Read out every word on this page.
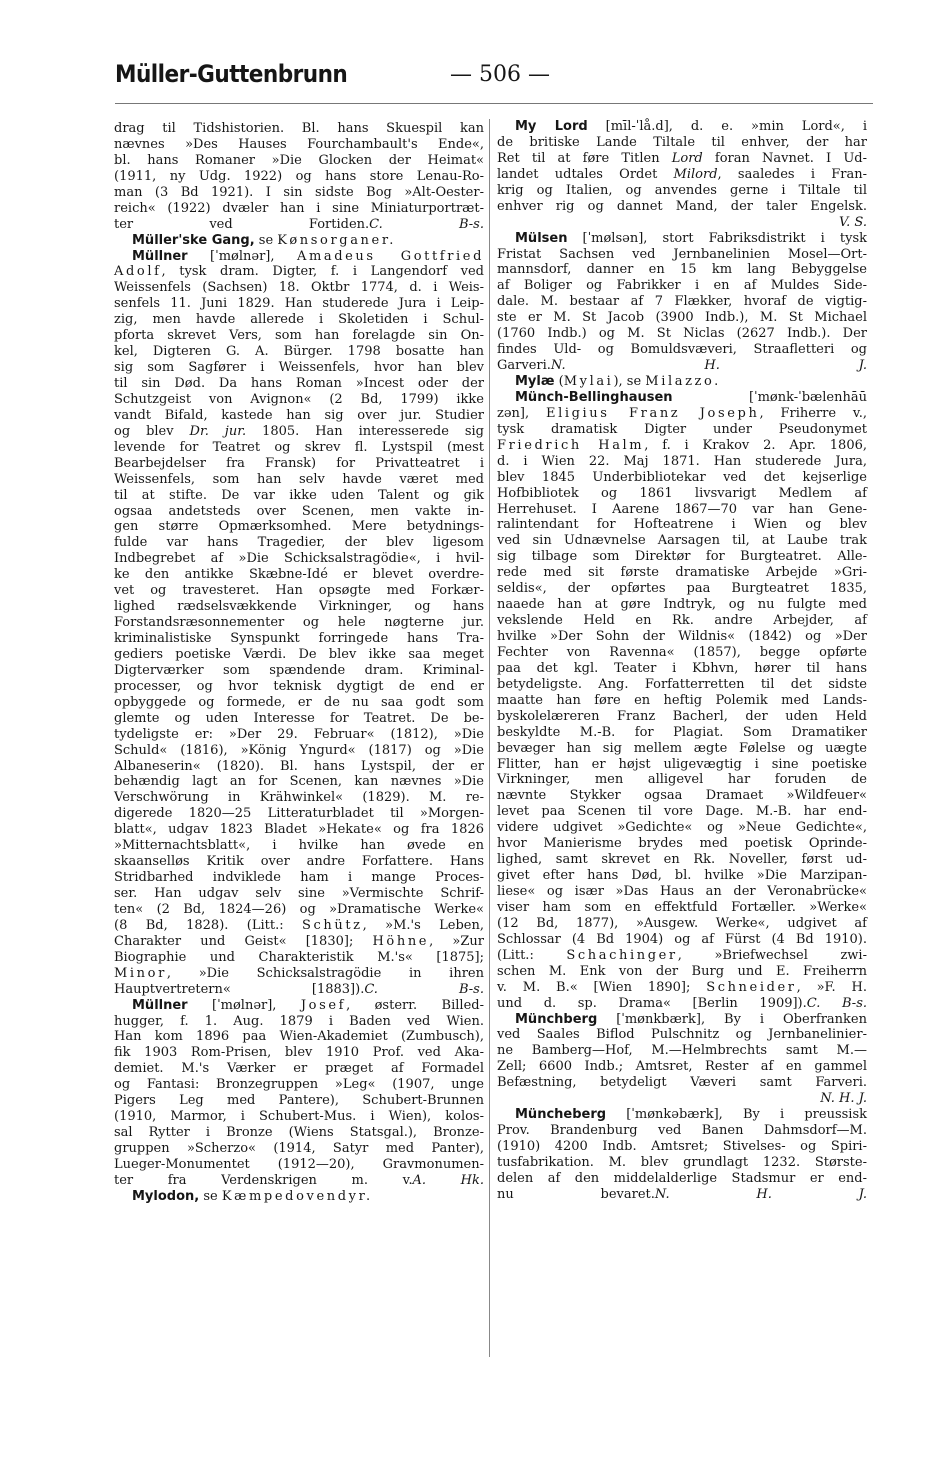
Müller-Guttenbrunn	— 506 —
drag til Tidshistorien. Bl. hans Skuespil kan
nævnes »Des Hauses Fourchambault's Ende«,
bl. hans Romaner »Die Glocken der Heimat«
(1911, ny Udg. 1922) og hans store Lenau-Ro-
man (3 Bd 1921). I sin sidste Bog »Alt-Oester-
reich« (1922) dvæler han i sine Miniaturportræt-
ter ved Fortiden.C. B-s.
Müller'ske Gang, se Kønsorganer.
Müllner [ˈmølnər], Amadeus Gottfried
Adolf, tysk dram. Digter, f. i Langendorf ved
Weissenfels (Sachsen) 18. Oktbr 1774, d. i Weis-
senfels 11. Juni 1829. Han studerede Jura i Leip-
zig, men havde allerede i Skoletiden i Schul-
pforta skrevet Vers, som han forelagde sin On-
kel, Digteren G. A. Bürger. 1798 bosatte han
sig som Sagfører i Weissenfels, hvor han blev
til sin Død. Da hans Roman »Incest oder der
Schutzgeist von Avignon« (2 Bd, 1799) ikke
vandt Bifald, kastede han sig over jur. Studier
og blev Dr. jur. 1805. Han interesserede sig
levende for Teatret og skrev fl. Lystspil (mest
Bearbejdelser fra Fransk) for Privatteatret i
Weissenfels, som han selv havde været med
til at stifte. De var ikke uden Talent og gik
ogsaa andetsteds over Scenen, men vakte in-
gen større Opmærksomhed. Mere betydnings-
fulde var hans Tragedier, der blev ligesom
Indbegrebet af »Die Schicksalstragödie«, i hvil-
ke den antikke Skæbne-Idé er blevet overdre-
vet og travesteret. Han opsøgte med Forkær-
lighed rædselsvækkende Virkninger, og hans
Forstandsræsonnementer og hele nøgterne jur.
kriminalistiske Synspunkt forringede hans Tra-
gediers poetiske Værdi. De blev ikke saa meget
Digterværker som spændende dram. Kriminal-
processer, og hvor teknisk dygtigt de end er
opbyggede og formede, er de nu saa godt som
glemte og uden Interesse for Teatret. De be-
tydeligste er: »Der 29. Februar« (1812), »Die
Schuld« (1816), »König Yngurd« (1817) og »Die
Albaneserin« (1820). Bl. hans Lystspil, der er
behændig lagt an for Scenen, kan nævnes »Die
Verschwörung in Krähwinkel« (1829). M. re-
digerede 1820—25 Litteraturbladet til »Morgen-
blatt«, udgav 1823 Bladet »Hekate« og fra 1826
»Mitternachtsblatt«, i hvilke han øvede en
skaanselløs Kritik over andre Forfattere. Hans
Stridbarhed indviklede ham i mange Proces-
ser. Han udgav selv sine »Vermischte Schrif-
ten« (2 Bd, 1824—26) og »Dramatische Werke«
(8 Bd, 1828). (Litt.: Schütz, »M.'s Leben,
Charakter und Geist« [1830]; Höhne, »Zur
Biographie und Charakteristik M.'s« [1875];
Minor, »Die Schicksalstragödie in ihren
Hauptvertretern« [1883]).C. B-s.
Müllner [ˈmølnər], Josef, østerr. Billed-
hugger, f. 1. Aug. 1879 i Baden ved Wien.
Han kom 1896 paa Wien-Akademiet (Zumbusch),
fik 1903 Rom-Prisen, blev 1910 Prof. ved Aka-
demiet. M.'s Værker er præget af Formadel
og Fantasi: Bronzegruppen »Leg« (1907, unge
Pigers Leg med Pantere), Schubert-Brunnen
(1910, Marmor, i Schubert-Mus. i Wien), kolos-
sal Rytter i Bronze (Wiens Statsgal.), Bronze-
gruppen »Scherzo« (1914, Satyr med Panter),
Lueger-Monumentet (1912—20), Gravmonumen-
ter fra Verdenskrigen m. v.A. Hk.
Mylodon, se Kæmpedovendyr.
My Lord [mīl-ˈlå.d], d. e. »min Lord«, i
de britiske Lande Tiltale til enhver, der har
Ret til at føre Titlen Lord foran Navnet. I Ud-
landet udtales Ordet Milord, saaledes i Fran-
krig og Italien, og anvendes gerne i Tiltale til
enhver rig og dannet Mand, der taler Engelsk.
V. S.
Mülsen [ˈmølsən], stort Fabriksdistrikt i tysk
Fristat Sachsen ved Jernbanelinien Mosel—Ort-
mannsdorf, danner en 15 km lang Bebyggelse
af Boliger og Fabrikker i en af Muldes Side-
dale. M. bestaar af 7 Flækker, hvoraf de vigtig-
ste er M. St Jacob (3900 Indb.), M. St Michael
(1760 Indb.) og M. St Niclas (2627 Indb.). Der
findes Uld- og Bomuldsvæveri, Straafletteri og
Garveri.N. H. J.
Mylæ (Mylai), se Milazzo.
Münch-Bellinghausen [ˈmønk-ˈbælenhāū
zən], Eligius Franz Joseph, Friherre v.,
tysk dramatisk Digter under Pseudonymet
Friedrich Halm, f. i Krakov 2. Apr. 1806,
d. i Wien 22. Maj 1871. Han studerede Jura,
blev 1845 Underbibliotekar ved det kejserlige
Hofbibliotek og 1861 livsvarigt Medlem af
Herrehuset. I Aarene 1867—70 var han Gene-
ralintendant for Hofteatrene i Wien og blev
ved sin Udnævnelse Aarsagen til, at Laube trak
sig tilbage som Direktør for Burgteatret. Alle-
rede med sit første dramatiske Arbejde »Gri-
seldis«, der opførtes paa Burgteatret 1835,
naaede han at gøre Indtryk, og nu fulgte med
vekslende Held en Rk. andre Arbejder, af
hvilke »Der Sohn der Wildnis« (1842) og »Der
Fechter von Ravenna« (1857), begge opførte
paa det kgl. Teater i Kbhvn, hører til hans
betydeligste. Ang. Forfatterretten til det sidste
maatte han føre en heftig Polemik med Lands-
byskolelæreren Franz Bacherl, der uden Held
beskyldte M.-B. for Plagiat. Som Dramatiker
bevæger han sig mellem ægte Følelse og uægte
Flitter, han er højst uligevægtig i sine poetiske
Virkninger, men alligevel har foruden de
nævnte Stykker ogsaa Dramaet »Wildfeuer«
levet paa Scenen til vore Dage. M.-B. har end-
videre udgivet »Gedichte« og »Neue Gedichte«,
hvor Manierisme brydes med poetisk Oprinde-
lighed, samt skrevet en Rk. Noveller, først ud-
givet efter hans Død, bl. hvilke »Die Marzipan-
liese« og især »Das Haus an der Veronabrücke«
viser ham som en effektfuld Fortæller. »Werke«
(12 Bd, 1877), »Ausgew. Werke«, udgivet af
Schlossar (4 Bd 1904) og af Fürst (4 Bd 1910).
(Litt.: Schachinger, »Briefwechsel zwi-
schen M. Enk von der Burg und E. Freiherrn
v. M. B.« [Wien 1890]; Schneider, »F. H.
und d. sp. Drama« [Berlin 1909]).C. B-s.
Münchberg [ˈmønkbærk], By i Oberfranken
ved Saales Biflod Pulschnitz og Jernbanelinier-
ne Bamberg—Hof, M.—Helmbrechts samt M.—
Zell; 6600 Indb.; Amtsret, Rester af en gammel
Befæstning, betydeligt Væveri samt Farveri.
N. H. J.
Müncheberg [ˈmønkəbærk], By i preussisk
Prov. Brandenburg ved Banen Dahmsdorf—M.
(1910) 4200 Indb. Amtsret; Stivelses- og Spiri-
tusfabrikation. M. blev grundlagt 1232. Største-
delen af den middelalderlige Stadsmur er end-
nu bevaret.N. H. J.
